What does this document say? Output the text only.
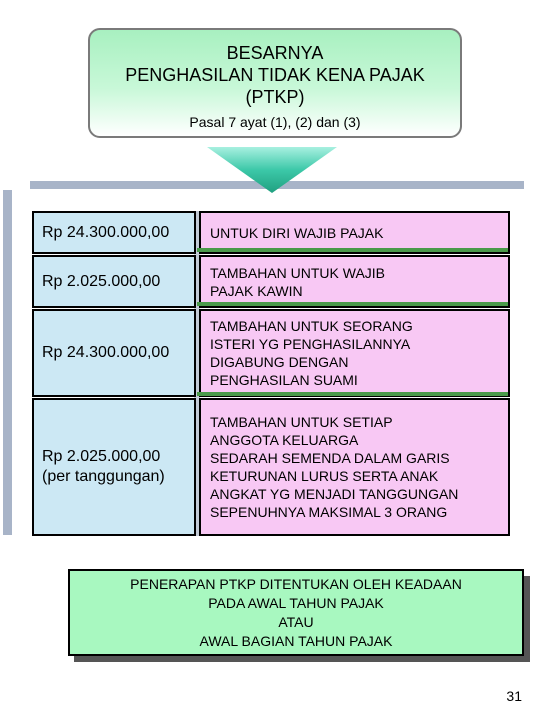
BESARNYA
PENGHASILAN TIDAK KENA PAJAK
(PTKP)
Pasal 7 ayat (1), (2) dan (3)
Rp 24.300.000,00	UNTUK DIRI WAJIB PAJAK
Rp 2.025.000,00	TAMBAHAN UNTUK WAJIB
PAJAK KAWIN
Rp 24.300.000,00
TAMBAHAN UNTUK SEORANG
ISTERI YG PENGHASILANNYA
DIGABUNG DENGAN
PENGHASILAN SUAMI
Rp 2.025.000,00
(per tanggungan)
TAMBAHAN UNTUK SETIAP
ANGGOTA KELUARGA
SEDARAH SEMENDA DALAM GARIS
KETURUNAN LURUS SERTA ANAK
ANGKAT YG MENJADI TANGGUNGAN
SEPENUHNYA MAKSIMAL 3 ORANG
PENERAPAN PTKP DITENTUKAN OLEH KEADAAN
PADA AWAL TAHUN PAJAK
ATAU
AWAL BAGIAN TAHUN PAJAK
31
